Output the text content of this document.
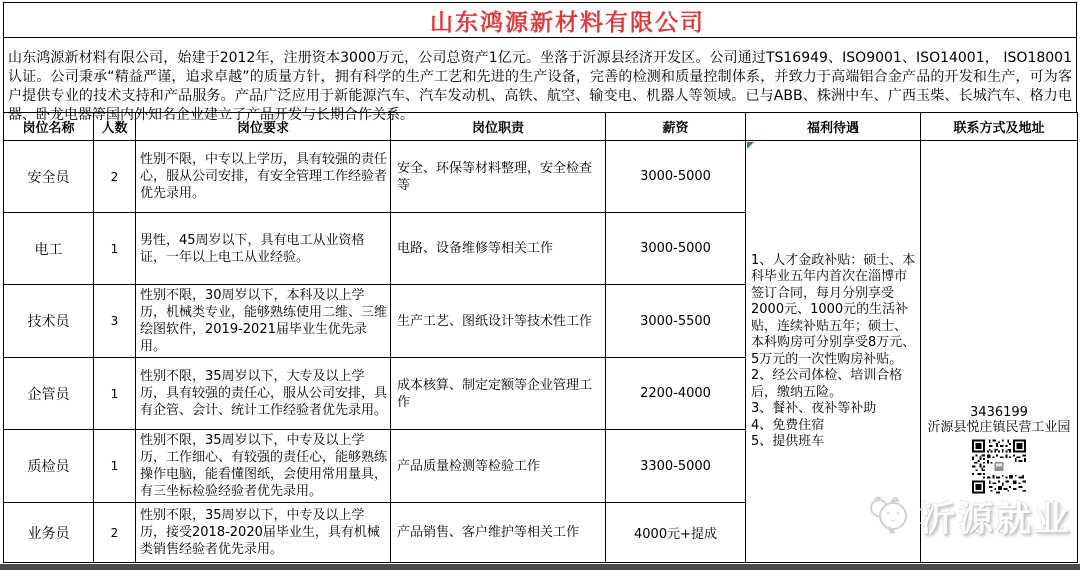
山东鸿源新材料有限公司
山东鸿源新材料有限公司，始建于2012年，注册资本3000万元，公司总资产1亿元。坐落于沂源县经济开发区。公司通过TS16949、ISO9001、ISO14001， ISO18001认证。公司秉承“精益严谨，追求卓越”的质量方针，拥有科学的生产工艺和先进的生产设备，完善的检测和质量控制体系，并致力于高端铝合金产品的开发和生产，可为客户提供专业的技术支持和产品服务。产品广泛应用于新能源汽车、汽车发动机、高铁、航空、输变电、机器人等领域。已与ABB、株洲中车、广西玉柴、长城汽车、格力电器、卧龙电器等国内外知名企业建立了产品开发与长期合作关系。
岗位名称	人数	岗位要求	岗位职责	薪资	福利待遇	联系方式及地址
安全员	2	性别不限，中专以上学历，具有较强的责任心，服从公司安排，有安全管理工作经验者优先录用。	安全、环保等材料整理，安全检查等	3000-5000	
1、人才金政补贴：硕士、本科毕业五年内首次在淄博市签订合同，每月分别享受2000元、1000元的生活补贴，连续补贴五年；硕士、本科购房可分别享受8万元、5万元的一次性购房补贴。
2、经公司体检、培训合格后，缴纳五险。
3、餐补、夜补等补助
4、免费住宿
5、提供班车

3436199
沂源县悦庄镇民营工业园

电工	1	男性，45周岁以下，具有电工从业资格证，一年以上电工从业经验。	电路、设备维修等相关工作	3000-5000		
技术员	3	性别不限，30周岁以下，本科及以上学历，机械类专业，能够熟练使用二维、三维绘图软件，2019-2021届毕业生优先录用。	生产工艺、图纸设计等技术性工作	3000-5500		
企管员	1	性别不限，35周岁以下，大专及以上学历，具有较强的责任心，服从公司安排，具有企管、会计、统计工作经验者优先录用。	成本核算、制定定额等企业管理工作	2200-4000		
质检员	1	性别不限，35周岁以下，中专及以上学历，工作细心、有较强的责任心，能够熟练操作电脑，能看懂图纸，会使用常用量具，有三坐标检验经验者优先录用。	产品质量检测等检验工作	3300-5000		
业务员	2	性别不限，35周岁以下，中专及以上学历，接受2018-2020届毕业生，具有机械类销售经验者优先录用。	产品销售、客户维护等相关工作	4000元+提成			沂源就业
